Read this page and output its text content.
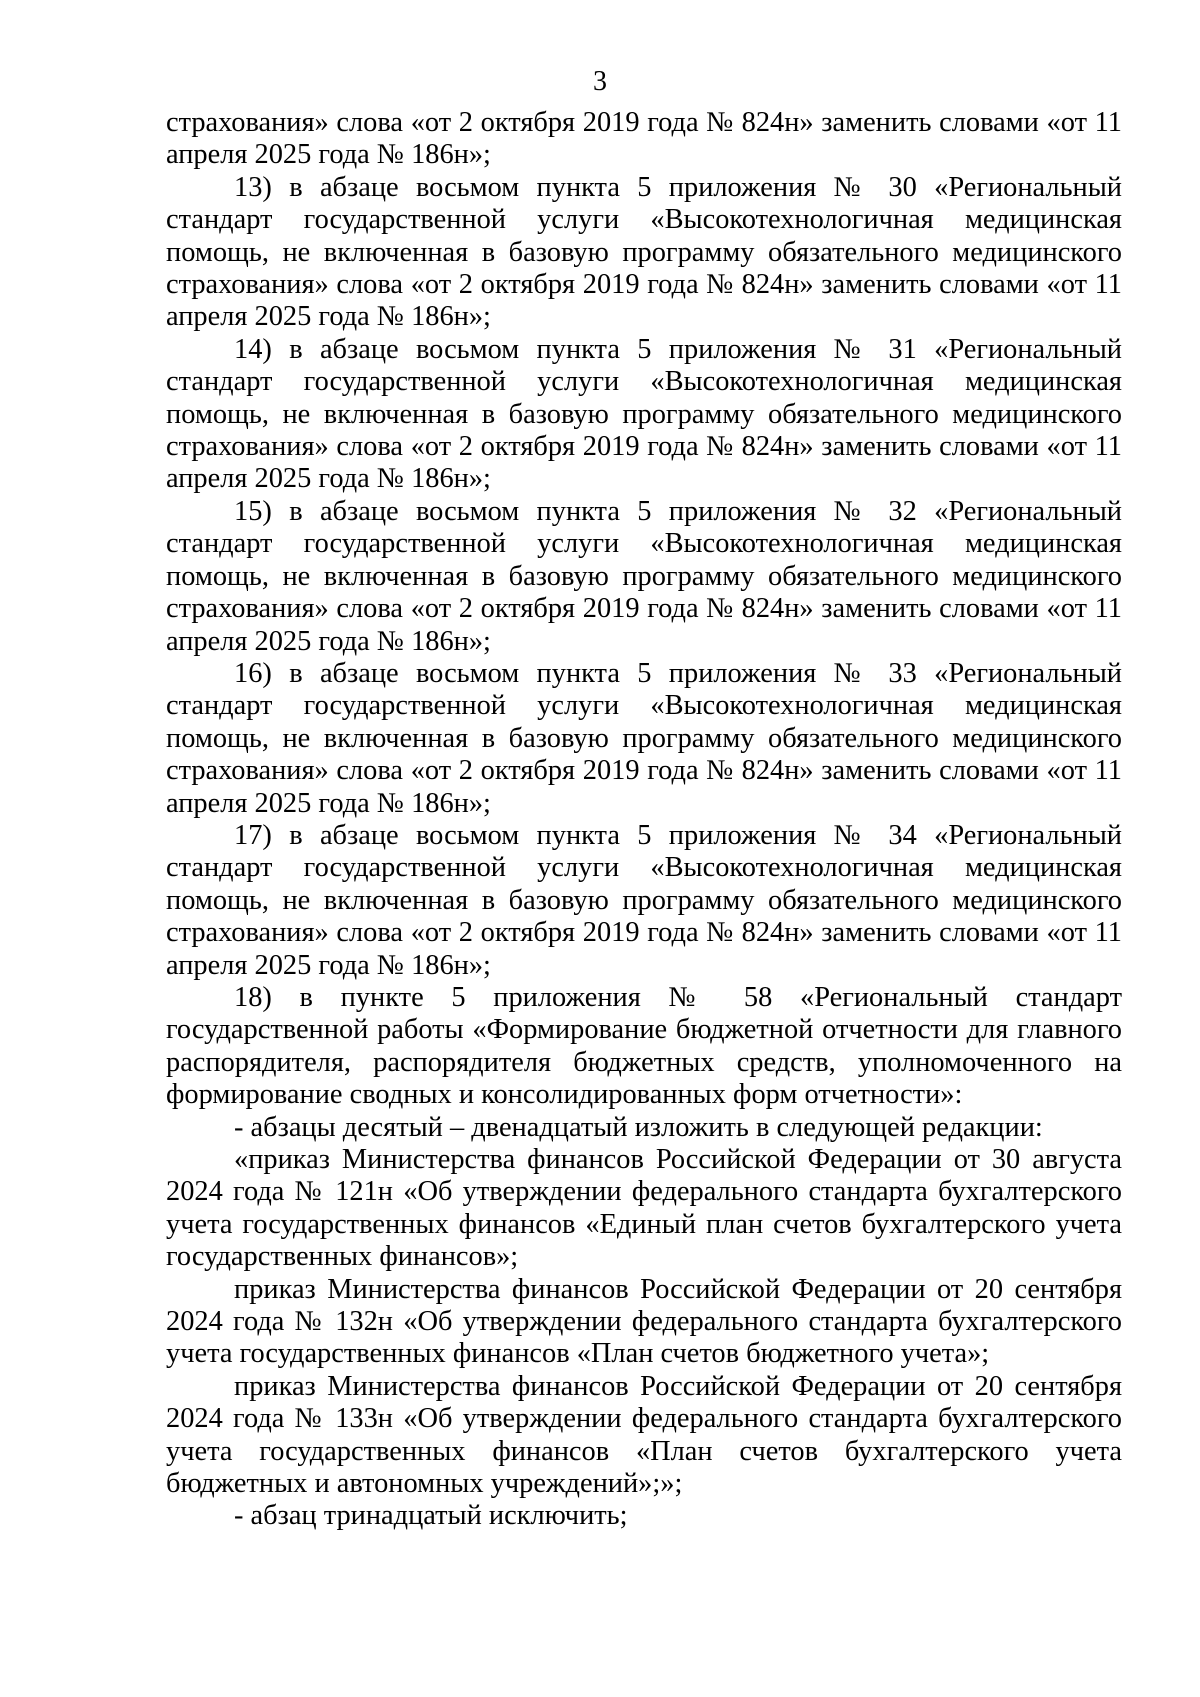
3

страхования» слова «от 2 октября 2019 года № 824н» заменить словами «от 11 апреля 2025 года № 186н»;

13) в абзаце восьмом пункта 5 приложения № 30 «Региональный стандарт государственной услуги «Высокотехнологичная медицинская помощь, не включенная в базовую программу обязательного медицинского страхования» слова «от 2 октября 2019 года № 824н» заменить словами «от 11 апреля 2025 года № 186н»;

14) в абзаце восьмом пункта 5 приложения № 31 «Региональный стандарт государственной услуги «Высокотехнологичная медицинская помощь, не включенная в базовую программу обязательного медицинского страхования» слова «от 2 октября 2019 года № 824н» заменить словами «от 11 апреля 2025 года № 186н»;

15) в абзаце восьмом пункта 5 приложения № 32 «Региональный стандарт государственной услуги «Высокотехнологичная медицинская помощь, не включенная в базовую программу обязательного медицинского страхования» слова «от 2 октября 2019 года № 824н» заменить словами «от 11 апреля 2025 года № 186н»;

16) в абзаце восьмом пункта 5 приложения № 33 «Региональный стандарт государственной услуги «Высокотехнологичная медицинская помощь, не включенная в базовую программу обязательного медицинского страхования» слова «от 2 октября 2019 года № 824н» заменить словами «от 11 апреля 2025 года № 186н»;

17) в абзаце восьмом пункта 5 приложения № 34 «Региональный стандарт государственной услуги «Высокотехнологичная медицинская помощь, не включенная в базовую программу обязательного медицинского страхования» слова «от 2 октября 2019 года № 824н» заменить словами «от 11 апреля 2025 года № 186н»;

18) в пункте 5 приложения № 58 «Региональный стандарт государственной работы «Формирование бюджетной отчетности для главного распорядителя, распорядителя бюджетных средств, уполномоченного на формирование сводных и консолидированных форм отчетности»:

- абзацы десятый – двенадцатый изложить в следующей редакции:

«приказ Министерства финансов Российской Федерации от 30 августа 2024 года № 121н «Об утверждении федерального стандарта бухгалтерского учета государственных финансов «Единый план счетов бухгалтерского учета государственных финансов»;

приказ Министерства финансов Российской Федерации от 20 сентября 2024 года № 132н «Об утверждении федерального стандарта бухгалтерского учета государственных финансов «План счетов бюджетного учета»;

приказ Министерства финансов Российской Федерации от 20 сентября 2024 года № 133н «Об утверждении федерального стандарта бухгалтерского учета государственных финансов «План счетов бухгалтерского учета бюджетных и автономных учреждений»;»;

- абзац тринадцатый исключить;
